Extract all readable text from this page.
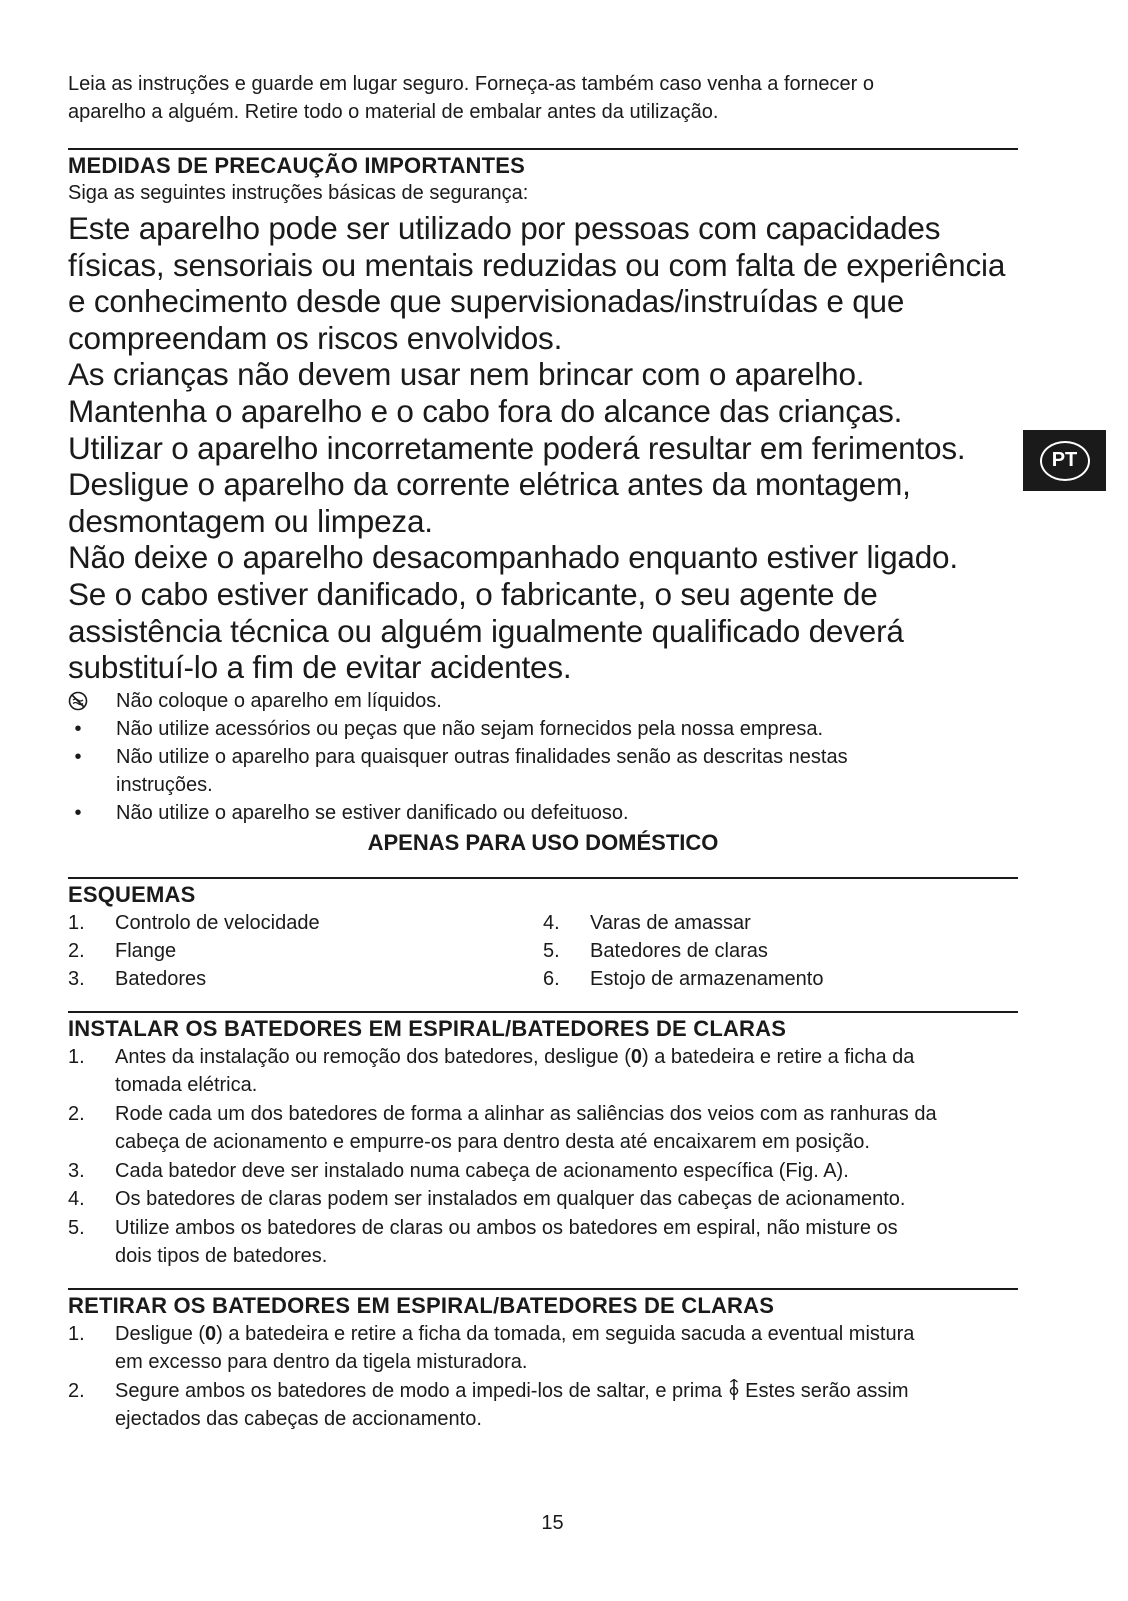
Leia as instruções e guarde em lugar seguro. Forneça-as também caso venha a fornecer o

aparelho a alguém. Retire todo o material de embalar antes da utilização.

MEDIDAS DE PRECAUÇÃO IMPORTANTES

Siga as seguintes instruções básicas de segurança:

Este aparelho pode ser utilizado por pessoas com capacidades

físicas, sensoriais ou mentais reduzidas ou com falta de experiência

e conhecimento desde que supervisionadas/instruídas e que

compreendam os riscos envolvidos.

As crianças não devem usar nem brincar com o aparelho.

Mantenha o aparelho e o cabo fora do alcance das crianças.

Utilizar o aparelho incorretamente poderá resultar em ferimentos.

Desligue o aparelho da corrente elétrica antes da montagem,

desmontagem ou limpeza.

Não deixe o aparelho desacompanhado enquanto estiver ligado.

Se o cabo estiver danificado, o fabricante, o seu agente de

assistência técnica ou alguém igualmente qualificado deverá

substituí-lo a fim de evitar acidentes.

Não coloque o aparelho em líquidos.
•	Não utilize acessórios ou peças que não sejam fornecidos pela nossa empresa.
•	Não utilize o aparelho para quaisquer outras finalidades senão as descritas nestas
instruções.
•	Não utilize o aparelho se estiver danificado ou defeituoso.

APENAS PARA USO DOMÉSTICO

ESQUEMAS
1. Controlo de velocidade
2. Flange
3. Batedores
4. Varas de amassar
5. Batedores de claras
6. Estojo de armazenamento
INSTALAR OS BATEDORES EM ESPIRAL/BATEDORES DE CLARAS
1. Antes da instalação ou remoção dos batedores, desligue (0) a batedeira e retire a ficha da
tomada elétrica.
2. Rode cada um dos batedores de forma a alinhar as saliências dos veios com as ranhuras da
cabeça de acionamento e empurre-os para dentro desta até encaixarem em posição.
3. Cada batedor deve ser instalado numa cabeça de acionamento específica (Fig. A).
4. Os batedores de claras podem ser instalados em qualquer das cabeças de acionamento.
5. Utilize ambos os batedores de claras ou ambos os batedores em espiral, não misture os
dois tipos de batedores.
RETIRAR OS BATEDORES EM ESPIRAL/BATEDORES DE CLARAS
1. Desligue (0) a batedeira e retire a ficha da tomada, em seguida sacuda a eventual mistura
em excesso para dentro da tigela misturadora.
2. Segure ambos os batedores de modo a impedi-los de saltar, e prima  Estes serão assim
ejectados das cabeças de accionamento.
PT
15
